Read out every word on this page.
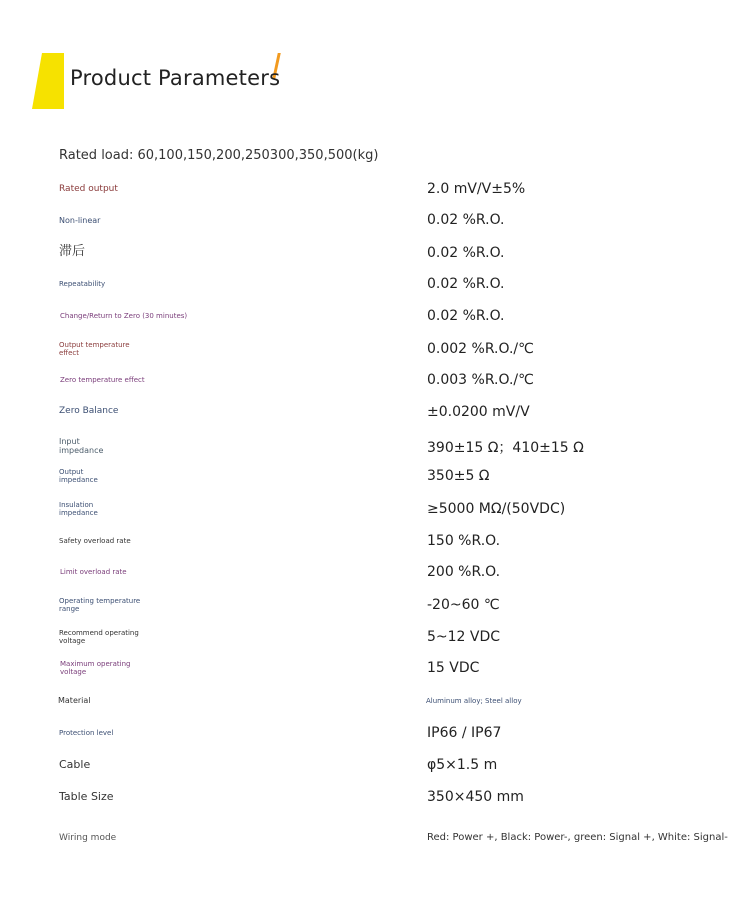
Product Parameters
Rated load: 60,100,150,200,250300,350,500(kg)
Rated output	2.0 mV/V±5%
Non-linear	0.02 %R.O.
滞后	0.02 %R.O.
Repeatability	0.02 %R.O.
Change/Return to Zero (30 minutes)	0.02 %R.O.
Output temperature effect	0.002 %R.O./℃
Zero temperature effect	0.003 %R.O./℃
Zero Balance	±0.0200 mV/V
Input impedance	390±15 Ω；410±15 Ω
Output impedance	350±5 Ω
Insulation impedance	≥5000 MΩ/(50VDC)
Safety overload rate	150 %R.O.
Limit overload rate	200 %R.O.
Operating temperature range	-20~60 ℃
Recommend operating voltage	5~12 VDC
Maximum operating voltage	15 VDC
Material	Aluminum alloy; Steel alloy
Protection level	IP66 / IP67
Cable	φ5×1.5 m
Table Size	350×450 mm
Wiring mode	Red: Power +, Black: Power-, green: Signal +, White: Signal-
